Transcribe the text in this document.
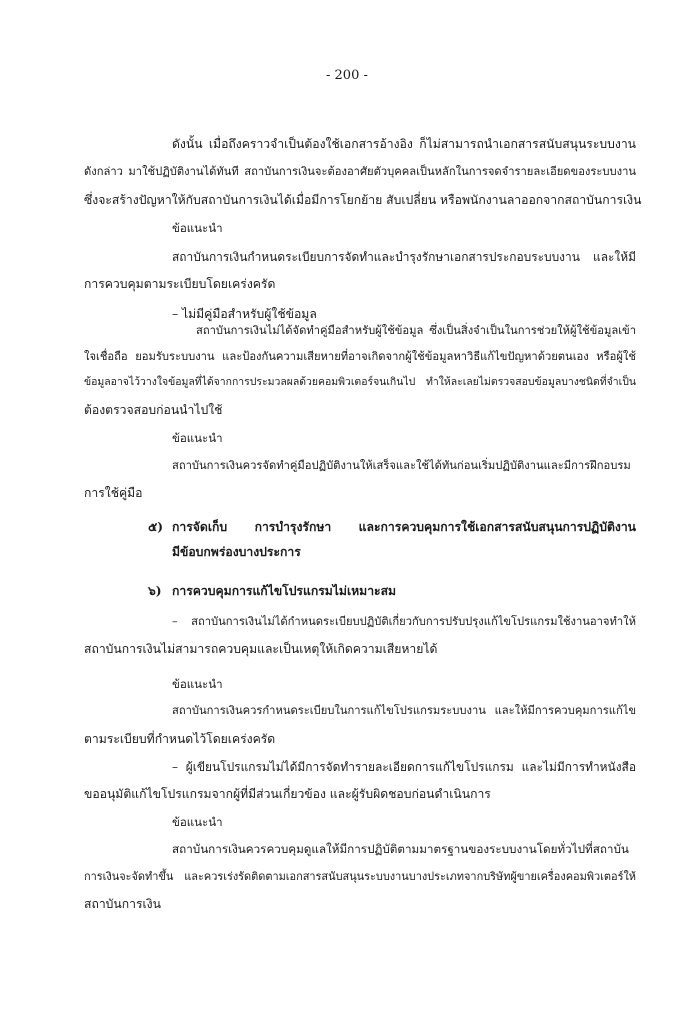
- 200 -
ดังนั้น เมื่อถึงคราวจำเป็นต้องใช้เอกสารอ้างอิง ก็ไม่สามารถนำเอกสารสนับสนุนระบบงาน
ดังกล่าว มาใช้ปฏิบัติงานได้ทันที สถาบันการเงินจะต้องอาศัยตัวบุคคลเป็นหลักในการจดจำรายละเอียดของระบบงาน
ซึ่งจะสร้างปัญหาให้กับสถาบันการเงินได้เมื่อมีการโยกย้าย สับเปลี่ยน หรือพนักงานลาออกจากสถาบันการเงิน
ข้อแนะนำ
สถาบันการเงินกำหนดระเบียบการจัดทำและบำรุงรักษาเอกสารประกอบระบบงาน และให้มี
การควบคุมตามระเบียบโดยเคร่งครัด
– ไม่มีคู่มือสำหรับผู้ใช้ข้อมูล
สถาบันการเงินไม่ได้จัดทำคู่มือสำหรับผู้ใช้ข้อมูล ซึ่งเป็นสิ่งจำเป็นในการช่วยให้ผู้ใช้ข้อมูลเข้า
ใจเชื่อถือ ยอมรับระบบงาน และป้องกันความเสียหายที่อาจเกิดจากผู้ใช้ข้อมูลหาวิธีแก้ไขปัญหาด้วยตนเอง หรือผู้ใช้
ข้อมูลอาจไว้วางใจข้อมูลที่ได้จากการประมวลผลด้วยคอมพิวเตอร์จนเกินไป ทำให้ละเลยไม่ตรวจสอบข้อมูลบางชนิดที่จำเป็น
ต้องตรวจสอบก่อนนำไปใช้
ข้อแนะนำ
สถาบันการเงินควรจัดทำคู่มือปฏิบัติงานให้เสร็จและใช้ได้ทันก่อนเริ่มปฏิบัติงานและมีการฝึกอบรม
การใช้คู่มือ
๕) การจัดเก็บ การบำรุงรักษา และการควบคุมการใช้เอกสารสนับสนุนการปฏิบัติงาน
มีข้อบกพร่องบางประการ
๖) การควบคุมการแก้ไขโปรแกรมไม่เหมาะสม
– สถาบันการเงินไม่ได้กำหนดระเบียบปฏิบัติเกี่ยวกับการปรับปรุงแก้ไขโปรแกรมใช้งานอาจทำให้
สถาบันการเงินไม่สามารถควบคุมและเป็นเหตุให้เกิดความเสียหายได้
ข้อแนะนำ
สถาบันการเงินควรกำหนดระเบียบในการแก้ไขโปรแกรมระบบงาน และให้มีการควบคุมการแก้ไข
ตามระเบียบที่กำหนดไว้โดยเคร่งครัด
– ผู้เขียนโปรแกรมไม่ได้มีการจัดทำรายละเอียดการแก้ไขโปรแกรม และไม่มีการทำหนังสือ
ขออนุมัติแก้ไขโปรแกรมจากผู้ที่มีส่วนเกี่ยวข้อง และผู้รับผิดชอบก่อนดำเนินการ
ข้อแนะนำ
สถาบันการเงินควรควบคุมดูแลให้มีการปฏิบัติตามมาตรฐานของระบบงานโดยทั่วไปที่สถาบัน
การเงินจะจัดทำขึ้น และควรเร่งรัดติดตามเอกสารสนับสนุนระบบงานบางประเภทจากบริษัทผู้ขายเครื่องคอมพิวเตอร์ให้
สถาบันการเงิน
